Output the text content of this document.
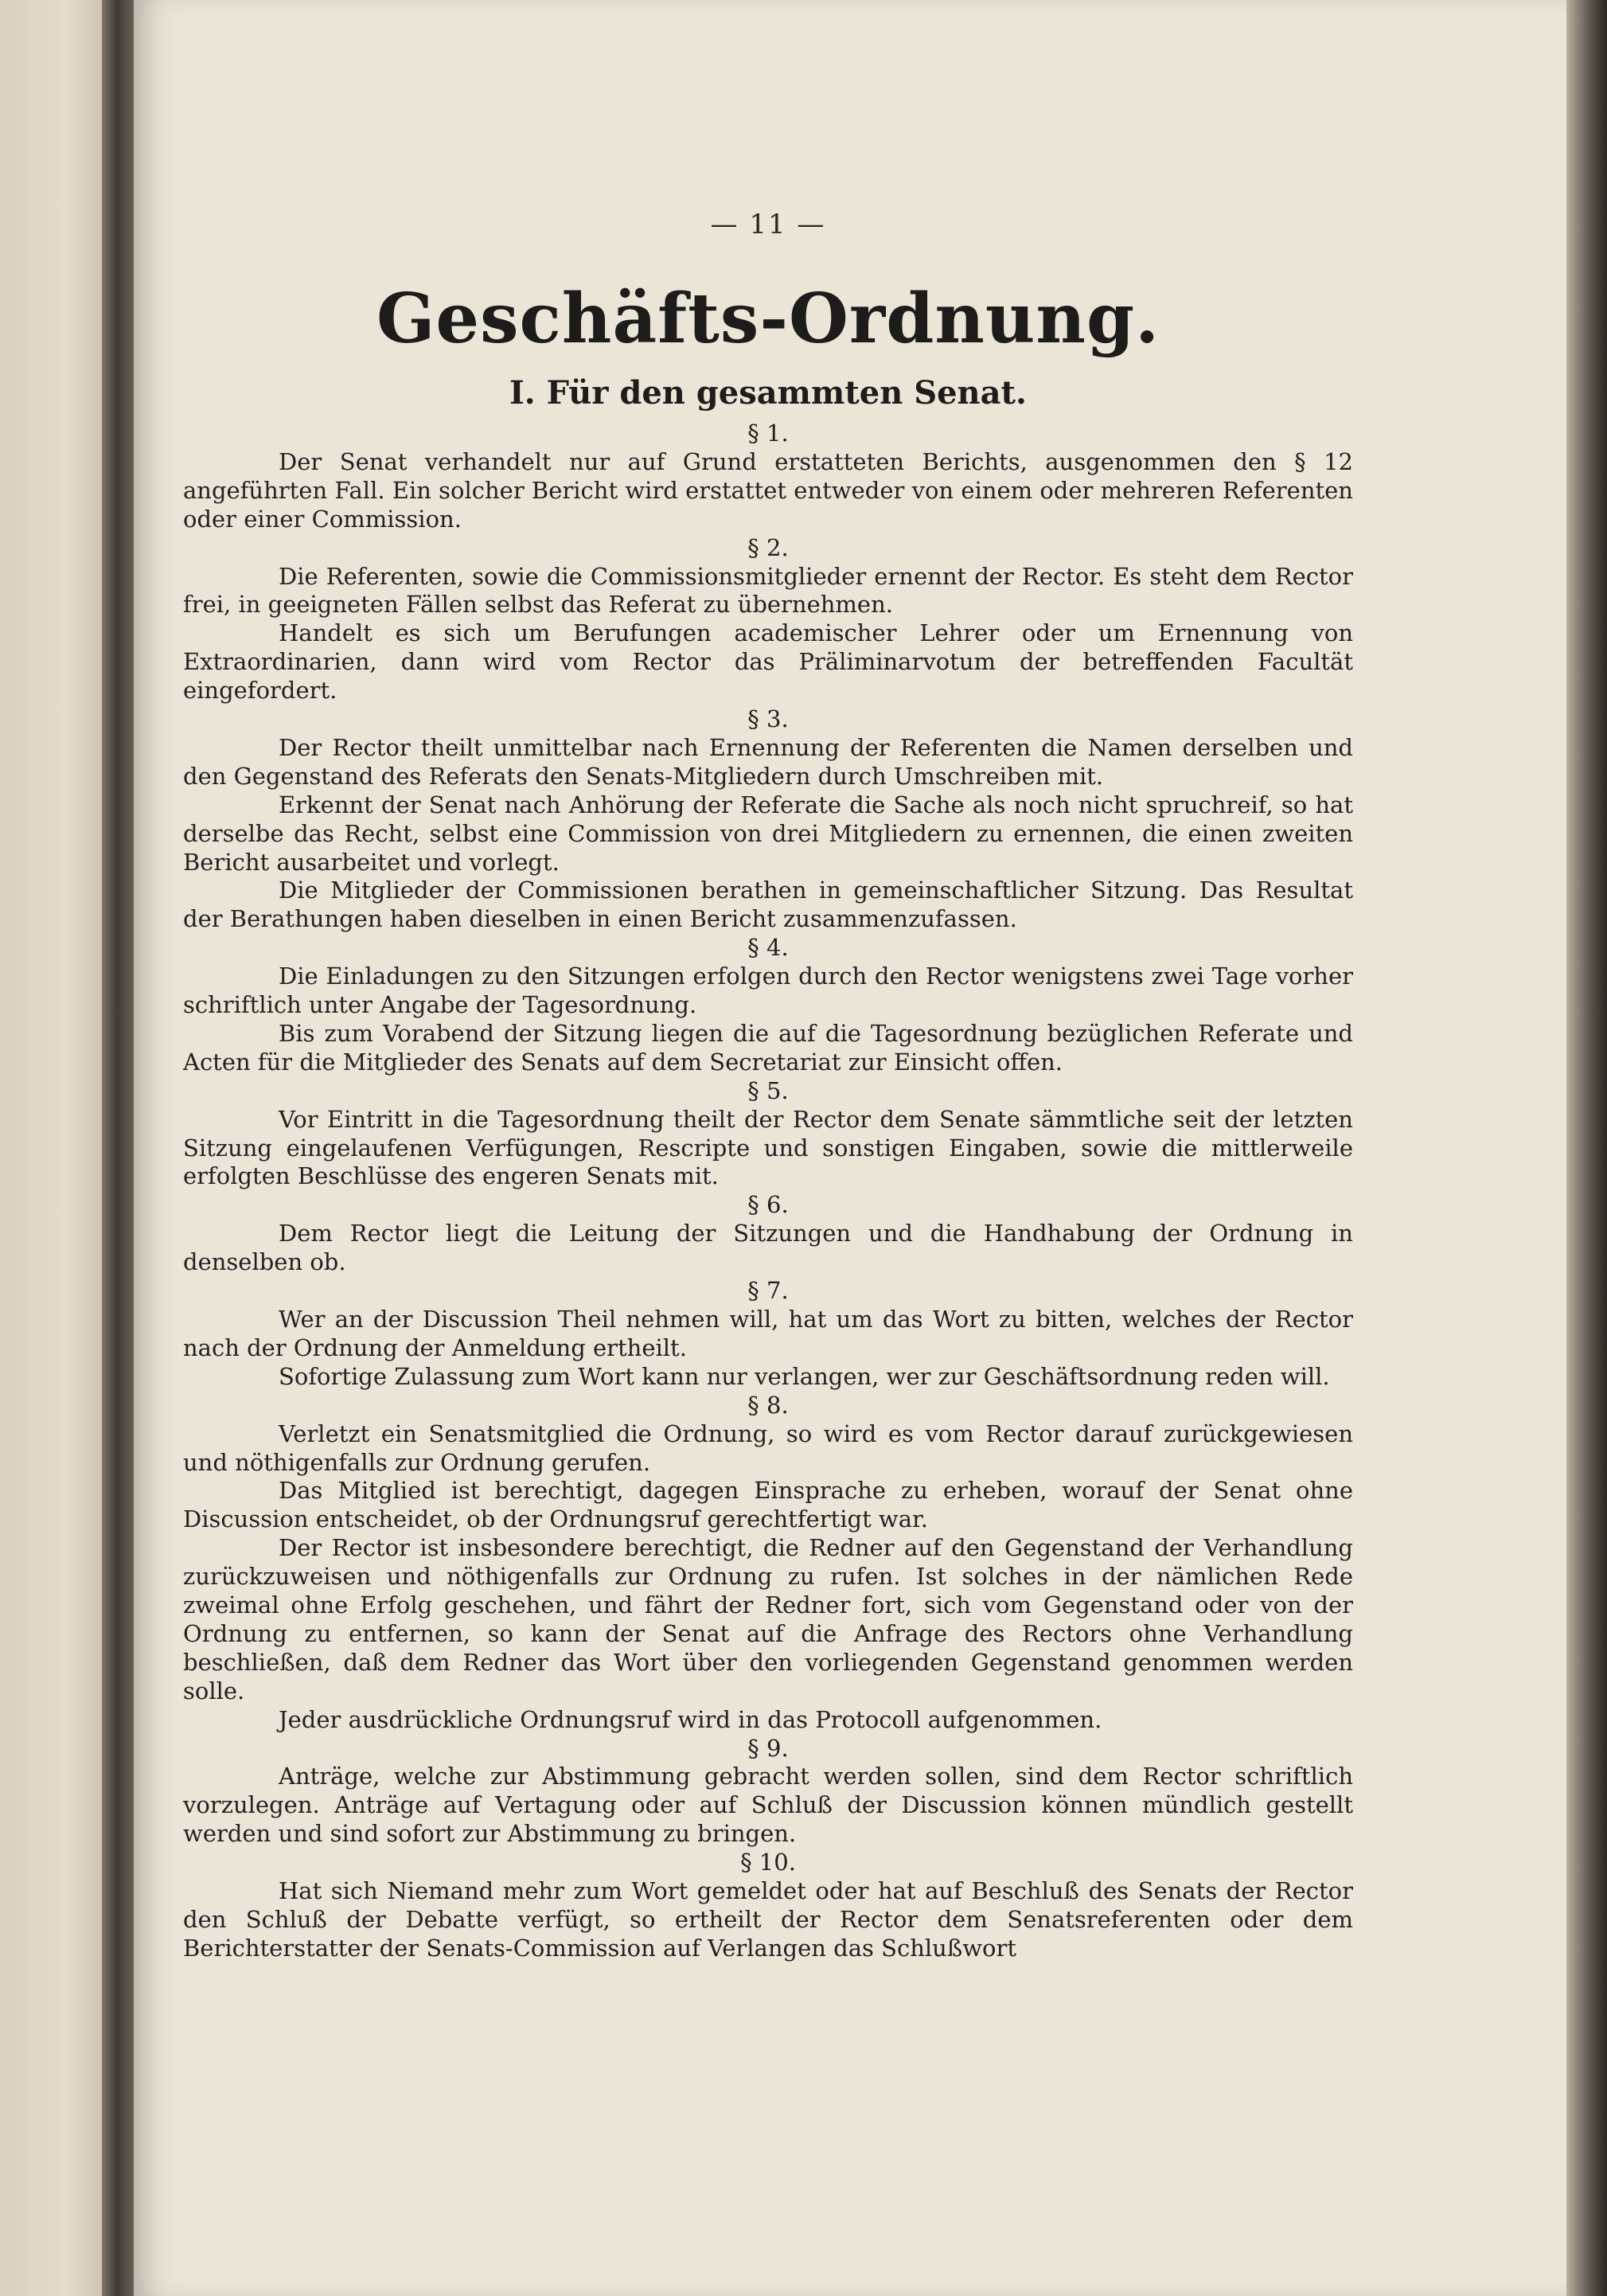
— 11 —
Geschäfts-Ordnung.
I. Für den gesammten Senat.

§ 1.

Der Senat verhandelt nur auf Grund erstatteten Berichts, ausgenommen den § 12 angeführten Fall. Ein solcher Bericht wird erstattet entweder von einem oder mehreren Referenten oder einer Commission.

§ 2.

Die Referenten, sowie die Commissionsmitglieder ernennt der Rector. Es steht dem Rector frei, in geeigneten Fällen selbst das Referat zu übernehmen.

Handelt es sich um Berufungen academischer Lehrer oder um Ernennung von Extraordinarien, dann wird vom Rector das Präliminarvotum der betreffenden Facultät eingefordert.

§ 3.

Der Rector theilt unmittelbar nach Ernennung der Referenten die Namen derselben und den Gegenstand des Referats den Senats-Mitgliedern durch Umschreiben mit.

Erkennt der Senat nach Anhörung der Referate die Sache als noch nicht spruchreif, so hat derselbe das Recht, selbst eine Commission von drei Mitgliedern zu ernennen, die einen zweiten Bericht ausarbeitet und vorlegt.

Die Mitglieder der Commissionen berathen in gemeinschaftlicher Sitzung. Das Resultat der Berathungen haben dieselben in einen Bericht zusammenzufassen.

§ 4.

Die Einladungen zu den Sitzungen erfolgen durch den Rector wenigstens zwei Tage vorher schriftlich unter Angabe der Tagesordnung.

Bis zum Vorabend der Sitzung liegen die auf die Tagesordnung bezüglichen Referate und Acten für die Mitglieder des Senats auf dem Secretariat zur Einsicht offen.

§ 5.

Vor Eintritt in die Tagesordnung theilt der Rector dem Senate sämmtliche seit der letzten Sitzung eingelaufenen Verfügungen, Rescripte und sonstigen Eingaben, sowie die mittlerweile erfolgten Beschlüsse des engeren Senats mit.

§ 6.

Dem Rector liegt die Leitung der Sitzungen und die Handhabung der Ordnung in denselben ob.

§ 7.

Wer an der Discussion Theil nehmen will, hat um das Wort zu bitten, welches der Rector nach der Ordnung der Anmeldung ertheilt.

Sofortige Zulassung zum Wort kann nur verlangen, wer zur Geschäftsordnung reden will.

§ 8.

Verletzt ein Senatsmitglied die Ordnung, so wird es vom Rector darauf zurückgewiesen und nöthigenfalls zur Ordnung gerufen.

Das Mitglied ist berechtigt, dagegen Einsprache zu erheben, worauf der Senat ohne Discussion entscheidet, ob der Ordnungsruf gerechtfertigt war.

Der Rector ist insbesondere berechtigt, die Redner auf den Gegenstand der Verhandlung zurückzuweisen und nöthigenfalls zur Ordnung zu rufen. Ist solches in der nämlichen Rede zweimal ohne Erfolg geschehen, und fährt der Redner fort, sich vom Gegenstand oder von der Ordnung zu entfernen, so kann der Senat auf die Anfrage des Rectors ohne Verhandlung beschließen, daß dem Redner das Wort über den vorliegenden Gegenstand genommen werden solle.

Jeder ausdrückliche Ordnungsruf wird in das Protocoll aufgenommen.

§ 9.

Anträge, welche zur Abstimmung gebracht werden sollen, sind dem Rector schriftlich vorzulegen. Anträge auf Vertagung oder auf Schluß der Discussion können mündlich gestellt werden und sind sofort zur Abstimmung zu bringen.

§ 10.

Hat sich Niemand mehr zum Wort gemeldet oder hat auf Beschluß des Senats der Rector den Schluß der Debatte verfügt, so ertheilt der Rector dem Senatsreferenten oder dem Berichterstatter der Senats-Commission auf Verlangen das Schlußwort
